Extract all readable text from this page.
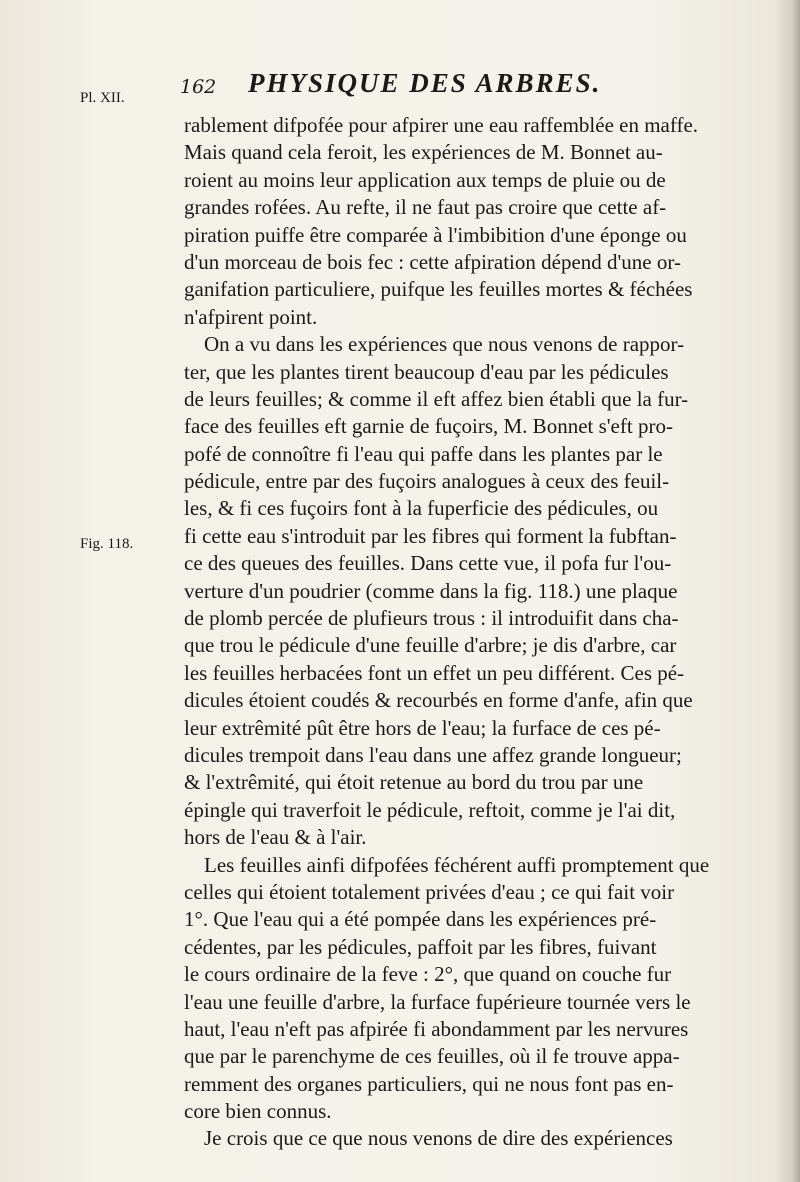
162 PHYSIQUE DES ARBRES.
Pl. XII.
Fig. 118.
rablement difpofée pour afpirer une eau raffemblée en maffe.
Mais quand cela feroit, les expériences de M. Bonnet au-
roient au moins leur application aux temps de pluie ou de
grandes rofées. Au refte, il ne faut pas croire que cette af-
piration puiffe être comparée à l'imbibition d'une éponge ou
d'un morceau de bois fec : cette afpiration dépend d'une or-
ganifation particuliere, puifque les feuilles mortes & féchées
n'afpirent point.
On a vu dans les expériences que nous venons de rappor-
ter, que les plantes tirent beaucoup d'eau par les pédicules
de leurs feuilles; & comme il eft affez bien établi que la fur-
face des feuilles eft garnie de fuçoirs, M. Bonnet s'eft pro-
pofé de connoître fi l'eau qui paffe dans les plantes par le
pédicule, entre par des fuçoirs analogues à ceux des feuil-
les, & fi ces fuçoirs font à la fuperficie des pédicules, ou
fi cette eau s'introduit par les fibres qui forment la fubftan-
ce des queues des feuilles. Dans cette vue, il pofa fur l'ou-
verture d'un poudrier (comme dans la fig. 118.) une plaque
de plomb percée de plufieurs trous : il introduifit dans cha-
que trou le pédicule d'une feuille d'arbre; je dis d'arbre, car
les feuilles herbacées font un effet un peu différent. Ces pé-
dicules étoient coudés & recourbés en forme d'anfe, afin que
leur extrêmité pût être hors de l'eau; la furface de ces pé-
dicules trempoit dans l'eau dans une affez grande longueur;
& l'extrêmité, qui étoit retenue au bord du trou par une
épingle qui traverfoit le pédicule, reftoit, comme je l'ai dit,
hors de l'eau & à l'air.
Les feuilles ainfi difpofées féchérent auffi promptement que
celles qui étoient totalement privées d'eau ; ce qui fait voir
1°. Que l'eau qui a été pompée dans les expériences pré-
cédentes, par les pédicules, paffoit par les fibres, fuivant
le cours ordinaire de la feve : 2°, que quand on couche fur
l'eau une feuille d'arbre, la furface fupérieure tournée vers le
haut, l'eau n'eft pas afpirée fi abondamment par les nervures
que par le parenchyme de ces feuilles, où il fe trouve appa-
remment des organes particuliers, qui ne nous font pas en-
core bien connus.
Je crois que ce que nous venons de dire des expériences
